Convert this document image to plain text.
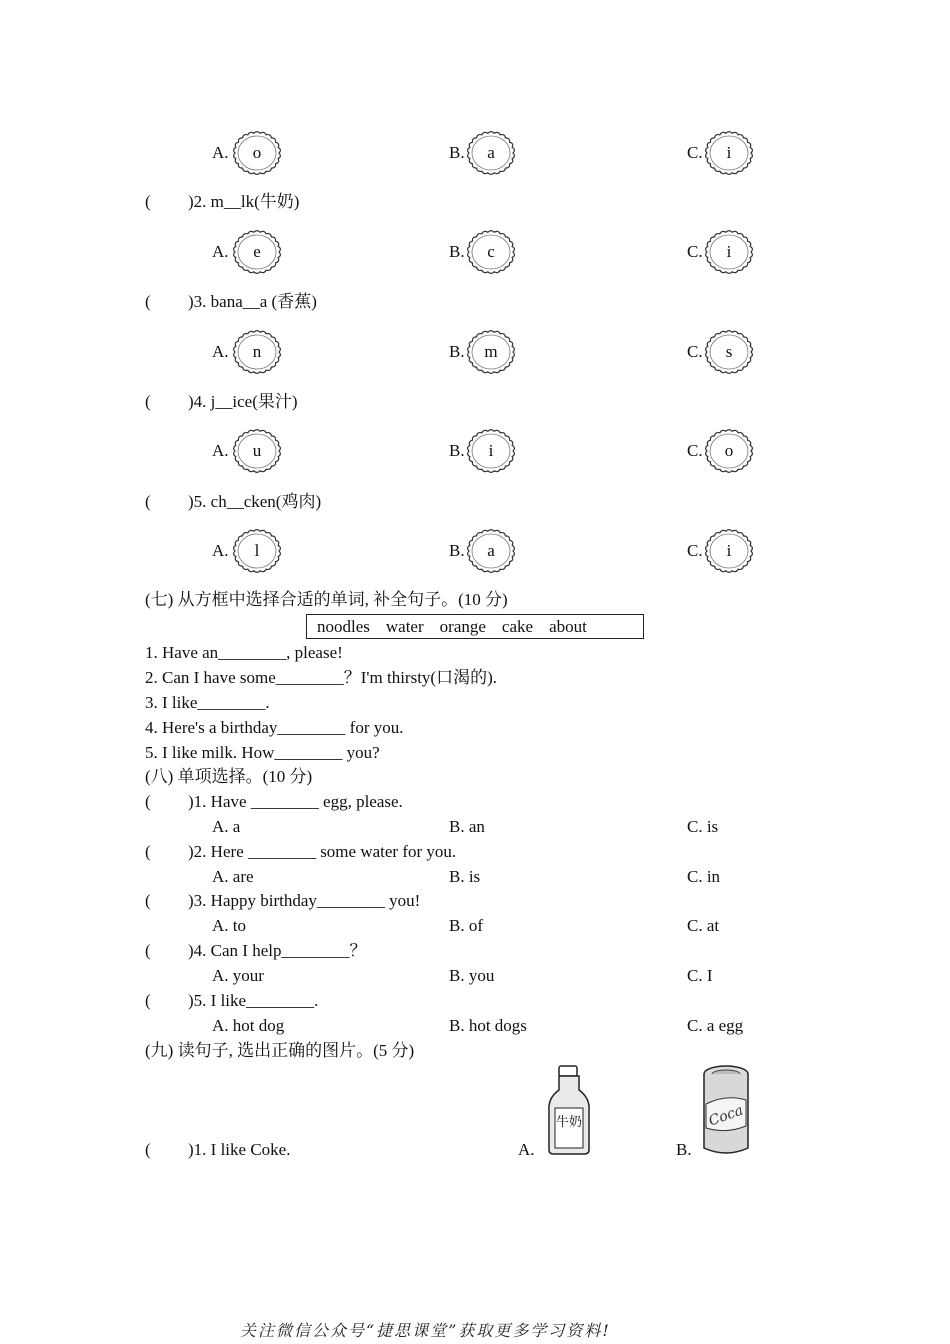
A.	o	B.	a	C.	i
( )2. m__lk(牛奶)
A.	e	B.	c	C.	i
( )3. bana__a (香蕉)
A.	n	B.	m	C.	s
( )4. j__ice(果汁)
A.	u	B.	i	C.	o
( )5. ch__cken(鸡肉)
A.	l	B.	a	C.	i
(七) 从方框中选择合适的单词, 补全句子。(10 分)
noodles water orange cake about
1. Have an________, please!
2. Can I have some________？I'm thirsty(口渴的).
3. I like________.
4. Here's a birthday________ for you.
5. I like milk. How________ you?
(八) 单项选择。(10 分)
( )1. Have ________ egg, please.
A. a	B. an	C. is
( )2. Here ________ some water for you.
A. are	B. is	C. in
( )3. Happy birthday________ you!
A. to	B. of	C. at
( )4. Can I help________？
A. your	B. you	C. I
( )5. I like________.
A. hot dog	B. hot dogs	C. a egg
(九) 读句子, 选出正确的图片。(5 分)
( )1. I like Coke.	A.	B.
牛奶	Coca
关注微信公众号“捷思课堂”获取更多学习资料!
